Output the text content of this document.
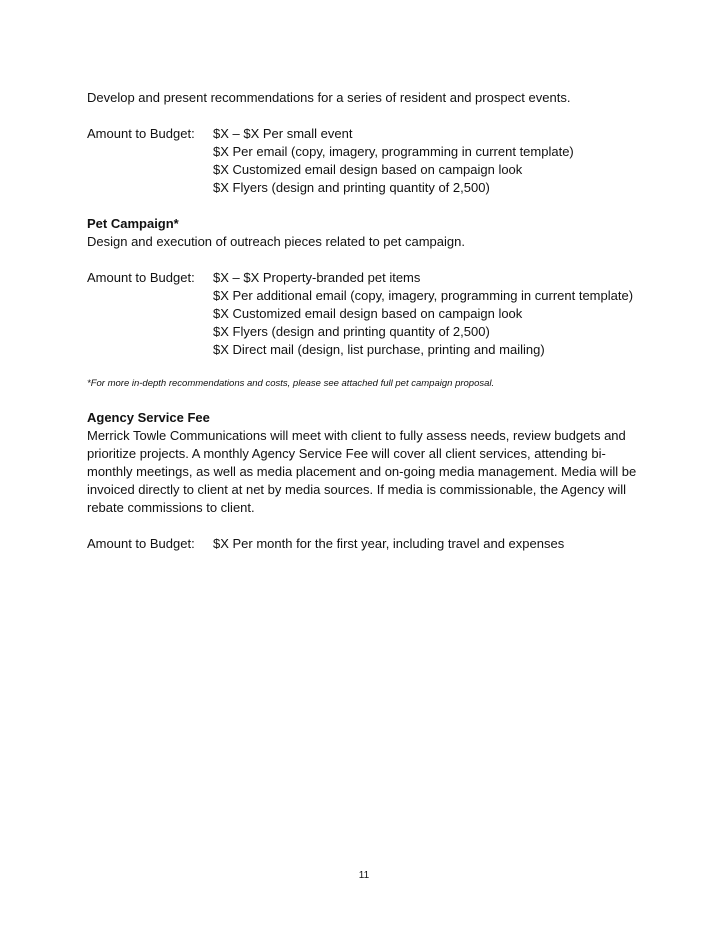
Develop and present recommendations for a series of resident and prospect events.

Amount to Budget:	$X – $X Per small event

$X Per email (copy, imagery, programming in current template)

$X Customized email design based on campaign look

$X Flyers (design and printing quantity of 2,500)

Pet Campaign*

Design and execution of outreach pieces related to pet campaign.

Amount to Budget:	$X – $X Property-branded pet items

$X Per additional email (copy, imagery, programming in current template)

$X Customized email design based on campaign look

$X Flyers (design and printing quantity of 2,500)

$X Direct mail (design, list purchase, printing and mailing)

*For more in-depth recommendations and costs, please see attached full pet campaign proposal.

Agency Service Fee

Merrick Towle Communications will meet with client to fully assess needs, review budgets and prioritize projects. A monthly Agency Service Fee will cover all client services, attending bi-monthly meetings, as well as media placement and on-going media management. Media will be invoiced directly to client at net by media sources. If media is commissionable, the Agency will rebate commissions to client.

Amount to Budget:	$X Per month for the first year, including travel and expenses

11
